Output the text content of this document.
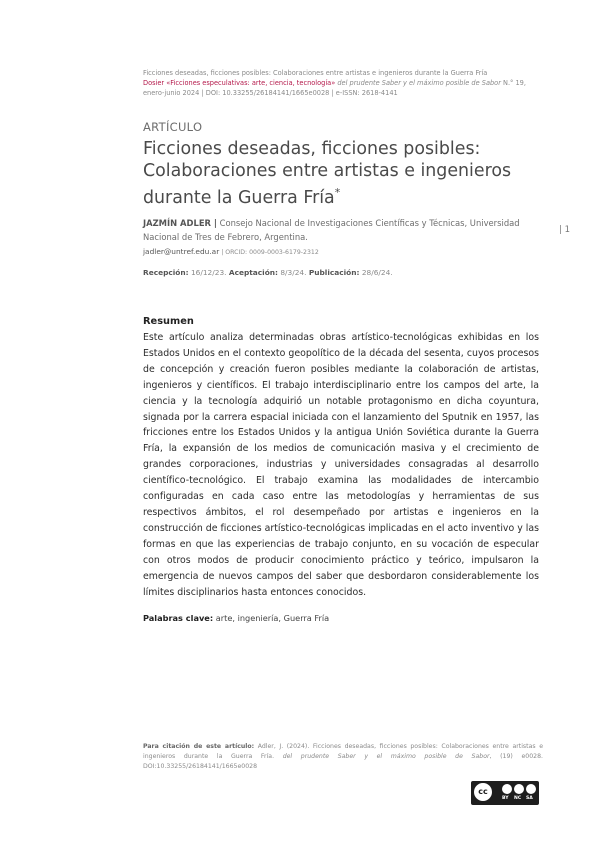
Ficciones deseadas, ficciones posibles: Colaboraciones entre artistas e ingenieros durante la Guerra Fría
Dosier «Ficciones especulativas: arte, ciencia, tecnología» del prudente Saber y el máximo posible de Sabor N.° 19,
enero-junio 2024 | DOI: 10.33255/26184141/1665e0028 | e-ISSN: 2618-4141
ARTÍCULO
Ficciones deseadas, ficciones posibles: Colaboraciones entre artistas e ingenieros durante la Guerra Fría*
JAZMÍN ADLER | Consejo Nacional de Investigaciones Científicas y Técnicas, Universidad Nacional de Tres de Febrero, Argentina.
jadler@untref.edu.ar | ORCID: 0009-0003-6179-2312
| 1
Recepción: 16/12/23. Aceptación: 8/3/24. Publicación: 28/6/24.
Resumen

Este artículo analiza determinadas obras artístico-tecnológicas exhibidas en los Estados Unidos en el contexto geopolítico de la década del sesenta, cuyos procesos de concepción y creación fueron posibles mediante la colaboración de artistas, ingenieros y científicos. El trabajo interdisciplinario entre los campos del arte, la ciencia y la tecnología adquirió un notable protagonismo en dicha coyuntura, signada por la carrera espacial iniciada con el lanzamiento del Sputnik en 1957, las fricciones entre los Estados Unidos y la antigua Unión Soviética durante la Guerra Fría, la expansión de los medios de comunicación masiva y el crecimiento de grandes corporaciones, industrias y universidades consagradas al desarrollo científico-tecnológico. El trabajo examina las modalidades de intercambio configuradas en cada caso entre las metodologías y herramientas de sus respectivos ámbitos, el rol desempeñado por artistas e ingenieros en la construcción de ficciones artístico-tecnológicas implicadas en el acto inventivo y las formas en que las experiencias de trabajo conjunto, en su vocación de especular con otros modos de producir conocimiento práctico y teórico, impulsaron la emergencia de nuevos campos del saber que desbordaron considerablemente los límites disciplinarios hasta entonces conocidos.

Palabras clave: arte, ingeniería, Guerra Fría
Para citación de este artículo: Adler, J. (2024). Ficciones deseadas, ficciones posibles: Colaboraciones entre artistas e ingenieros durante la Guerra Fría. del prudente Saber y el máximo posible de Sabor, (19) e0028. DOI:10.33255/26184141/1665e0028
cc
BY NC SA
